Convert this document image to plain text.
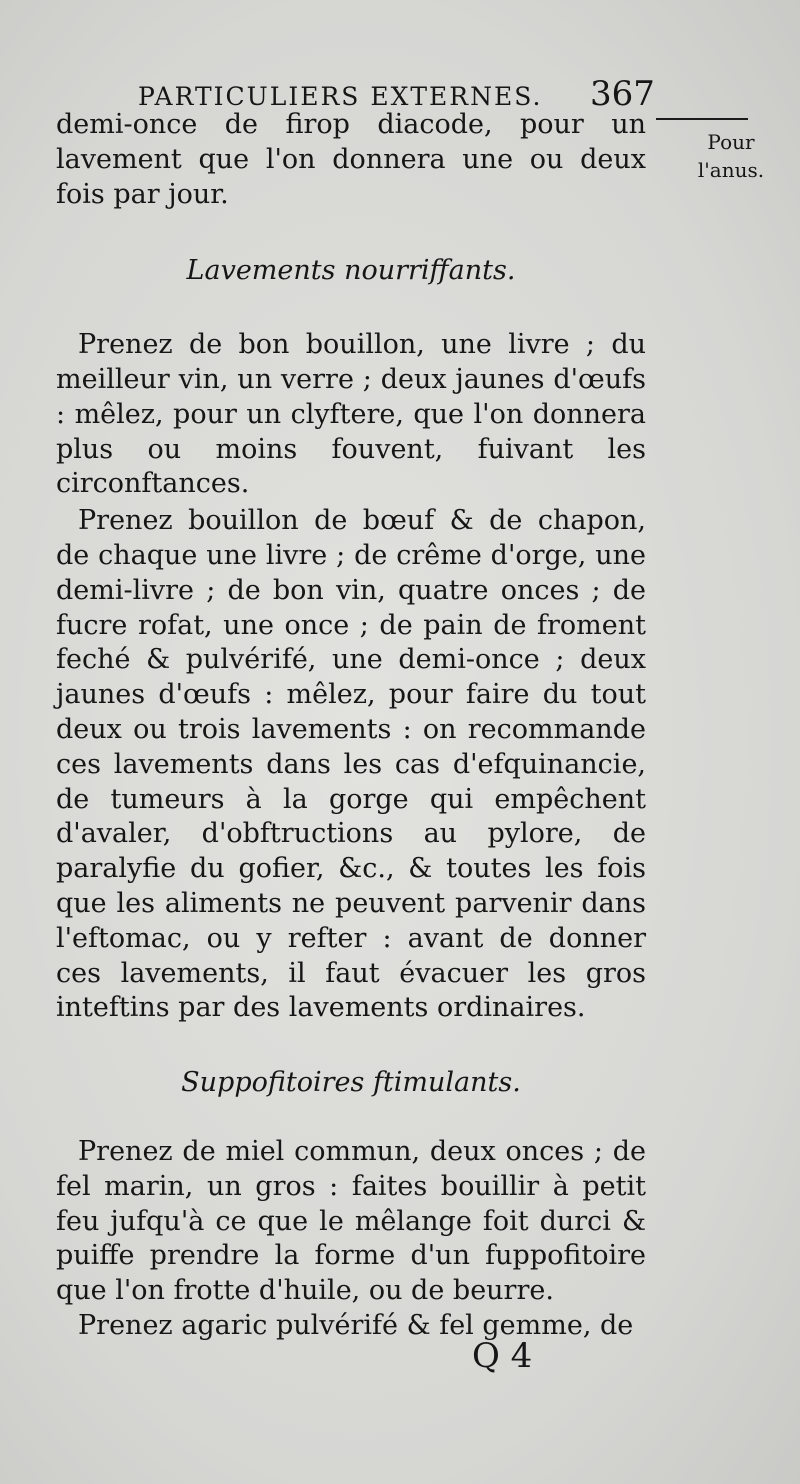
PARTICULIERS EXTERNES. 367
Pour
l'anus.

demi-once de firop diacode, pour un lavement que l'on donnera une ou deux fois par jour.

Lavements nourriffants.

Prenez de bon bouillon, une livre ; du meilleur vin, un verre ; deux jaunes d'œufs : mêlez, pour un clyftere, que l'on donnera plus ou moins fouvent, fuivant les circonftances.

Prenez bouillon de bœuf & de chapon, de chaque une livre ; de crême d'orge, une demi-livre ; de bon vin, quatre onces ; de fucre rofat, une once ; de pain de froment feché & pulvérifé, une demi-once ; deux jaunes d'œufs : mêlez, pour faire du tout deux ou trois lavements : on recommande ces lavements dans les cas d'efquinancie, de tumeurs à la gorge qui empêchent d'avaler, d'obftructions au pylore, de paralyfie du gofier, &c., & toutes les fois que les aliments ne peuvent parvenir dans l'eftomac, ou y refter : avant de donner ces lavements, il faut évacuer les gros inteftins par des lavements ordinaires.

Suppofitoires ftimulants.

Prenez de miel commun, deux onces ; de fel marin, un gros : faites bouillir à petit feu jufqu'à ce que le mêlange foit durci & puiffe prendre la forme d'un fuppofitoire que l'on frotte d'huile, ou de beurre.

Prenez agaric pulvérifé & fel gemme, de

Q 4
